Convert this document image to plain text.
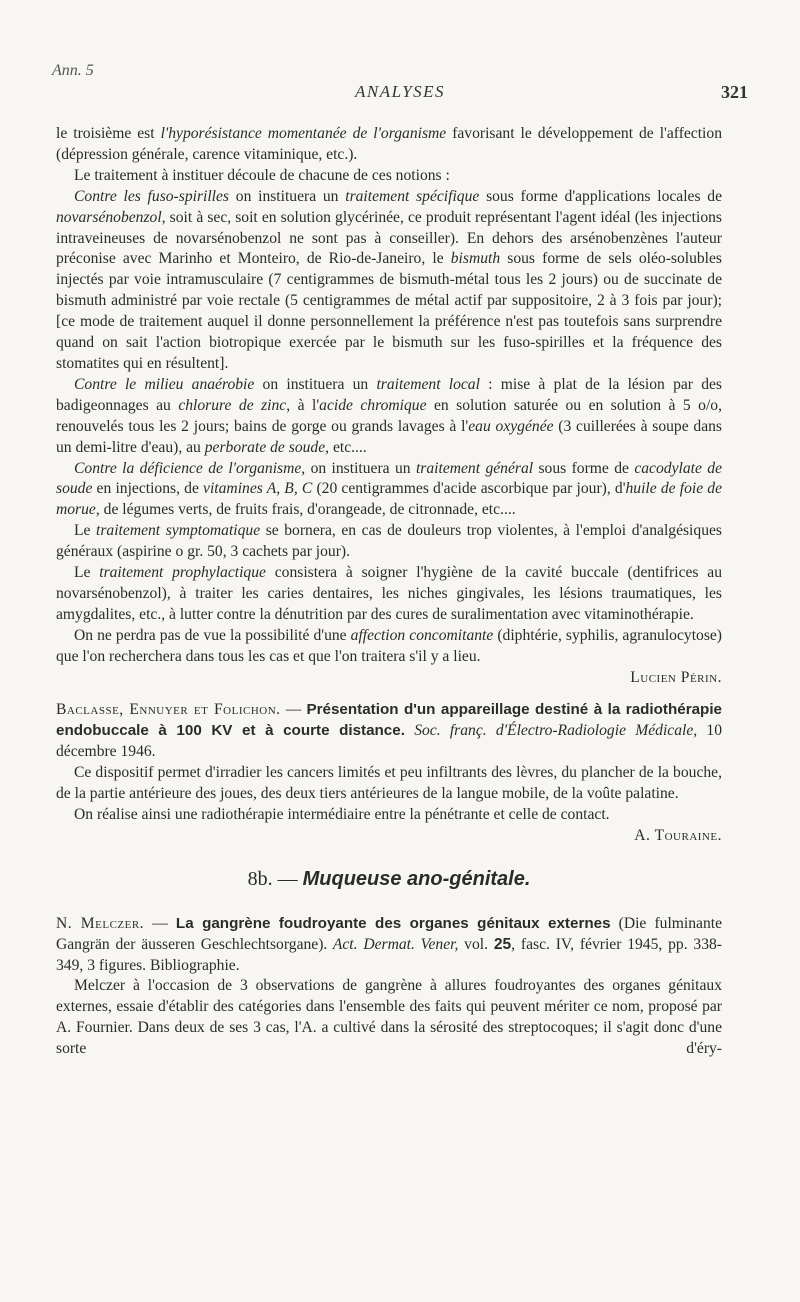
Ann. 5
ANALYSES	321

le troisième est l'hyporésistance momentanée de l'organisme favorisant le développement de l'affection (dépression générale, carence vitaminique, etc.).

Le traitement à instituer découle de chacune de ces notions :

Contre les fuso-spirilles on instituera un traitement spécifique sous forme d'applications locales de novarsénobenzol, soit à sec, soit en solution glycérinée, ce produit représentant l'agent idéal (les injections intraveineuses de novarsénobenzol ne sont pas à conseiller). En dehors des arsénobenzènes l'auteur préconise avec Marinho et Monteiro, de Rio-de-Janeiro, le bismuth sous forme de sels oléo-solubles injectés par voie intramusculaire (7 centigrammes de bismuth-métal tous les 2 jours) ou de succinate de bismuth administré par voie rectale (5 centigrammes de métal actif par suppositoire, 2 à 3 fois par jour); [ce mode de traitement auquel il donne personnellement la préférence n'est pas toutefois sans surprendre quand on sait l'action biotropique exercée par le bismuth sur les fuso-spirilles et la fréquence des stomatites qui en résultent].

Contre le milieu anaérobie on instituera un traitement local : mise à plat de la lésion par des badigeonnages au chlorure de zinc, à l'acide chromique en solution saturée ou en solution à 5 o/o, renouvelés tous les 2 jours; bains de gorge ou grands lavages à l'eau oxygénée (3 cuillerées à soupe dans un demi-litre d'eau), au perborate de soude, etc....

Contre la déficience de l'organisme, on instituera un traitement général sous forme de cacodylate de soude en injections, de vitamines A, B, C (20 centigrammes d'acide ascorbique par jour), d'huile de foie de morue, de légumes verts, de fruits frais, d'orangeade, de citronnade, etc....

Le traitement symptomatique se bornera, en cas de douleurs trop violentes, à l'emploi d'analgésiques généraux (aspirine o gr. 50, 3 cachets par jour).

Le traitement prophylactique consistera à soigner l'hygiène de la cavité buccale (dentifrices au novarsénobenzol), à traiter les caries dentaires, les niches gingivales, les lésions traumatiques, les amygdalites, etc., à lutter contre la dénutrition par des cures de suralimentation avec vitaminothérapie.

On ne perdra pas de vue la possibilité d'une affection concomitante (diphtérie, syphilis, agranulocytose) que l'on recherchera dans tous les cas et que l'on traitera s'il y a lieu.

Lucien Périn.

Baclasse, Ennuyer et Folichon. — Présentation d'un appareillage destiné à la radiothérapie endobuccale à 100 KV et à courte distance. Soc. franç. d'Électro-Radiologie Médicale, 10 décembre 1946.

Ce dispositif permet d'irradier les cancers limités et peu infiltrants des lèvres, du plancher de la bouche, de la partie antérieure des joues, des deux tiers antérieures de la langue mobile, de la voûte palatine.

On réalise ainsi une radiothérapie intermédiaire entre la pénétrante et celle de contact.

A. Touraine.

8b. — Muqueuse ano-génitale.

N. Melczer. — La gangrène foudroyante des organes génitaux externes (Die fulminante Gangrän der äusseren Geschlechtsorgane). Act. Dermat. Vener, vol. 25, fasc. IV, février 1945, pp. 338-349, 3 figures. Bibliographie.

Melczer à l'occasion de 3 observations de gangrène à allures foudroyantes des organes génitaux externes, essaie d'établir des catégories dans l'ensemble des faits qui peuvent mériter ce nom, proposé par A. Fournier. Dans deux de ses 3 cas, l'A. a cultivé dans la sérosité des streptocoques; il s'agit donc d'une sorte d'éry-
